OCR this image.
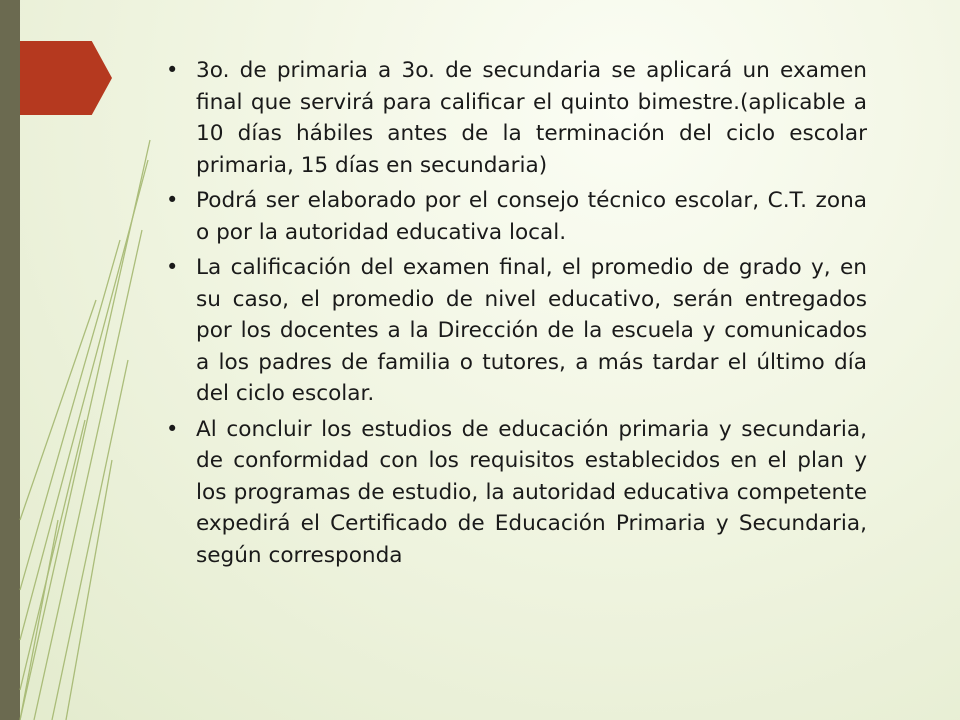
• 3o. de primaria a 3o. de secundaria se aplicará un examen final que servirá para calificar el quinto bimestre.(aplicable a 10 días hábiles antes de la terminación del ciclo escolar primaria, 15 días en secundaria)
• Podrá ser elaborado por el consejo técnico escolar, C.T. zona o por la autoridad educativa local.
• La calificación del examen final, el promedio de grado y, en su caso, el promedio de nivel educativo, serán entregados por los docentes a la Dirección de la escuela y comunicados a los padres de familia o tutores, a más tardar el último día del ciclo escolar.
• Al concluir los estudios de educación primaria y secundaria, de conformidad con los requisitos establecidos en el plan y los programas de estudio, la autoridad educativa competente expedirá el Certificado de Educación Primaria y Secundaria, según corresponda
